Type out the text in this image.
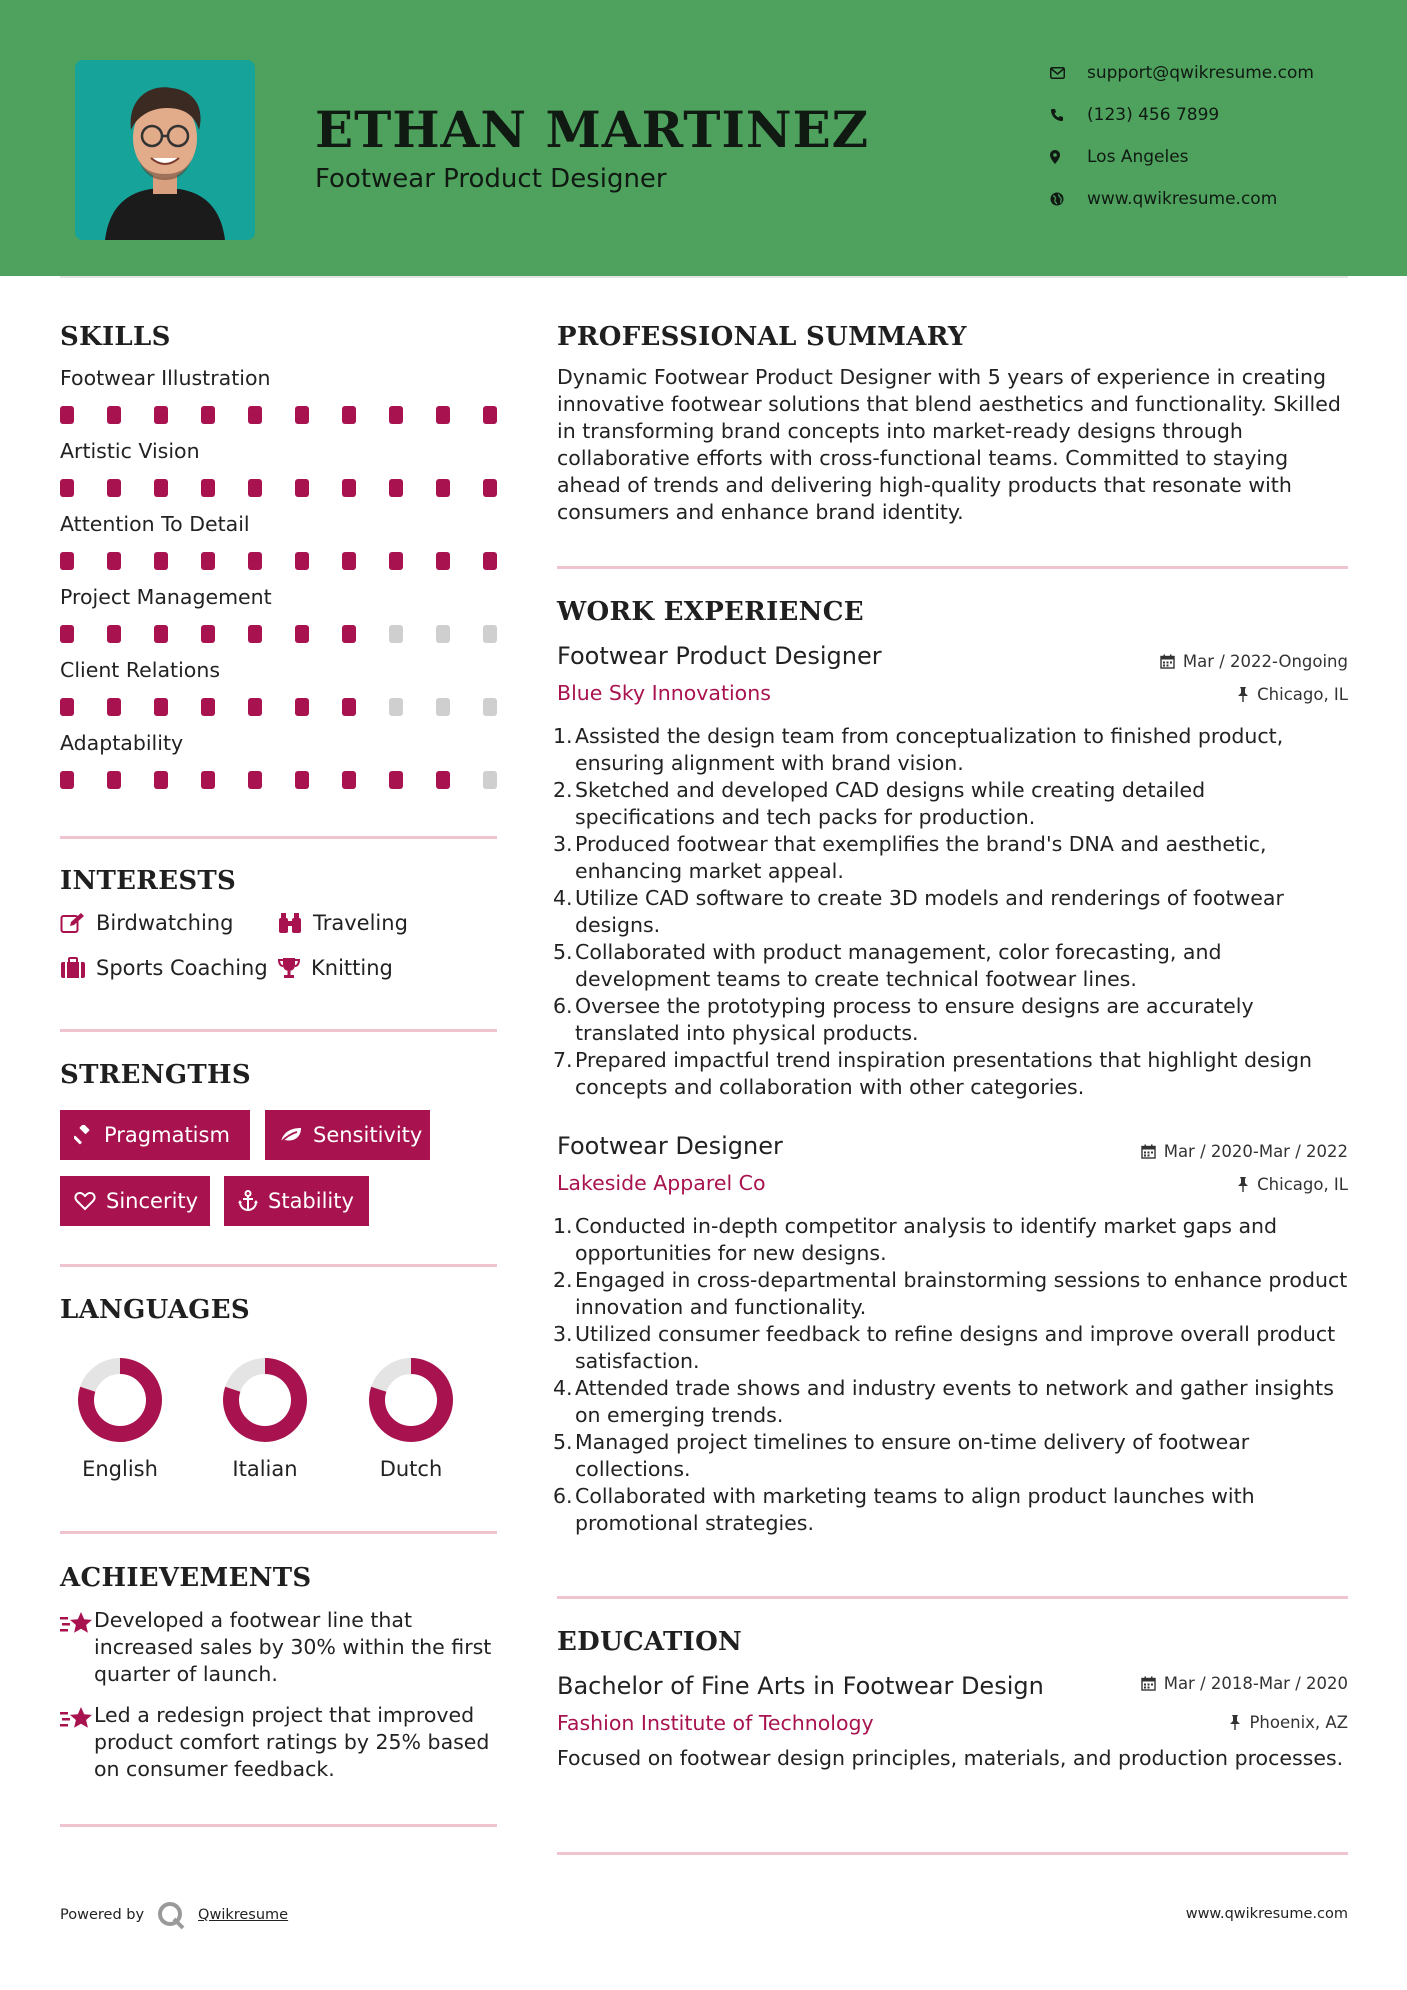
ETHAN MARTINEZ
Footwear Product Designer
support@qwikresume.com
(123) 456 7899
Los Angeles
www.qwikresume.com
SKILLS
Footwear Illustration
Artistic Vision
Attention To Detail
Project Management
Client Relations
Adaptability
INTERESTS
Birdwatching	Traveling
Sports Coaching Knitting
STRENGTHS
Pragmatism	Sensitivity
Sincerity	Stability
LANGUAGES
English	Italian	Dutch
ACHIEVEMENTS
Developed a footwear line that increased sales by 30% within the first quarter of launch.
Led a redesign project that improved product comfort ratings by 25% based on consumer feedback.
PROFESSIONAL SUMMARY
Dynamic Footwear Product Designer with 5 years of experience in creating innovative footwear solutions that blend aesthetics and functionality. Skilled in transforming brand concepts into market-ready designs through collaborative efforts with cross-functional teams. Committed to staying ahead of trends and delivering high-quality products that resonate with consumers and enhance brand identity.
WORK EXPERIENCE
Footwear Product Designer	Mar / 2022-Ongoing
Blue Sky Innovations	Chicago, IL
Assisted the design team from conceptualization to finished product, ensuring alignment with brand vision.
Sketched and developed CAD designs while creating detailed specifications and tech packs for production.
Produced footwear that exemplifies the brand's DNA and aesthetic, enhancing market appeal.
Utilize CAD software to create 3D models and renderings of footwear designs.
Collaborated with product management, color forecasting, and development teams to create technical footwear lines.
Oversee the prototyping process to ensure designs are accurately translated into physical products.
Prepared impactful trend inspiration presentations that highlight design concepts and collaboration with other categories.
Footwear Designer	Mar / 2020-Mar / 2022
Lakeside Apparel Co	Chicago, IL
Conducted in-depth competitor analysis to identify market gaps and opportunities for new designs.
Engaged in cross-departmental brainstorming sessions to enhance product innovation and functionality.
Utilized consumer feedback to refine designs and improve overall product satisfaction.
Attended trade shows and industry events to network and gather insights on emerging trends.
Managed project timelines to ensure on-time delivery of footwear collections.
Collaborated with marketing teams to align product launches with promotional strategies.
EDUCATION
Bachelor of Fine Arts in Footwear Design	Mar / 2018-Mar / 2020
Fashion Institute of Technology	Phoenix, AZ
Focused on footwear design principles, materials, and production processes.
Powered by	Qwikresume	www.qwikresume.com
